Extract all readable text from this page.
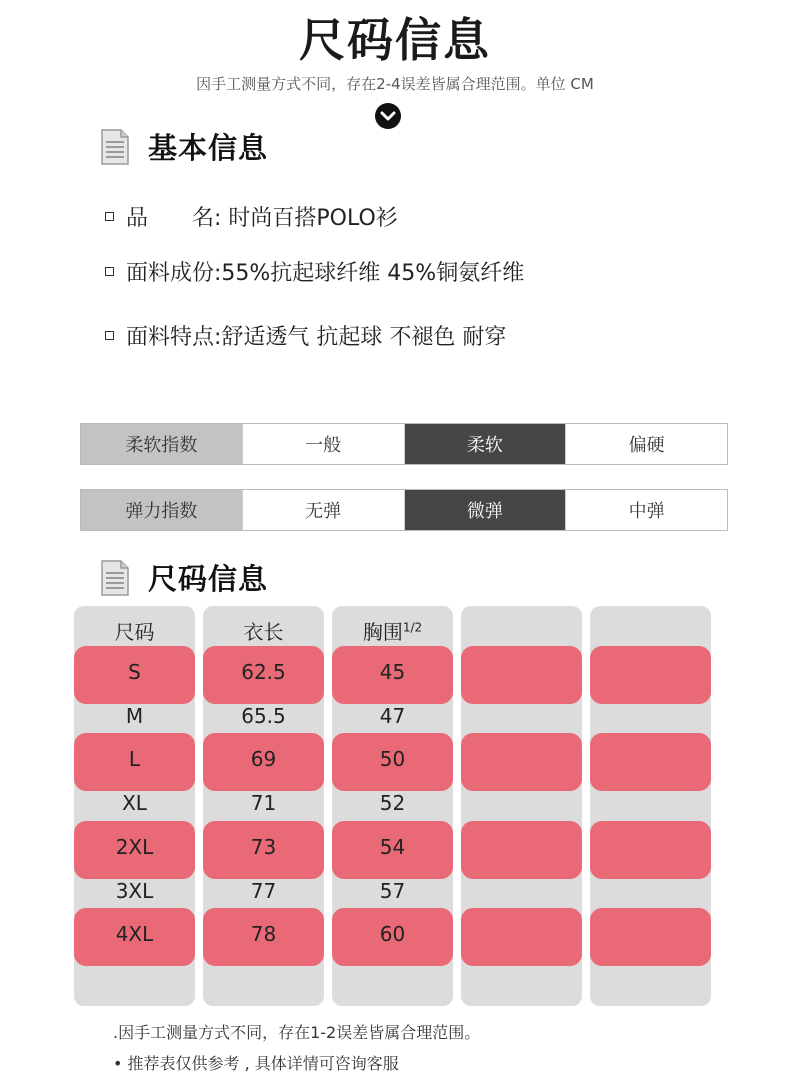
尺码信息
因手工测量方式不同，存在2-4误差皆属合理范围。单位 CM
基本信息
品　　名: 时尚百搭POLO衫
面料成份:55%抗起球纤维 45%铜氨纤维
面料特点:舒适透气 抗起球 不褪色 耐穿
柔软指数	一般	柔软	偏硬
弹力指数	无弹	微弹	中弹
尺码信息
尺码	衣长	胸围$^{1/2}$
S	62.5	45
M	65.5	47
L	69	50
XL	71	52
2XL	73	54
3XL	77	57
4XL	78	60
.因手工测量方式不同，存在1-2误差皆属合理范围。
• 推荐表仅供参考 , 具体详情可咨询客服
